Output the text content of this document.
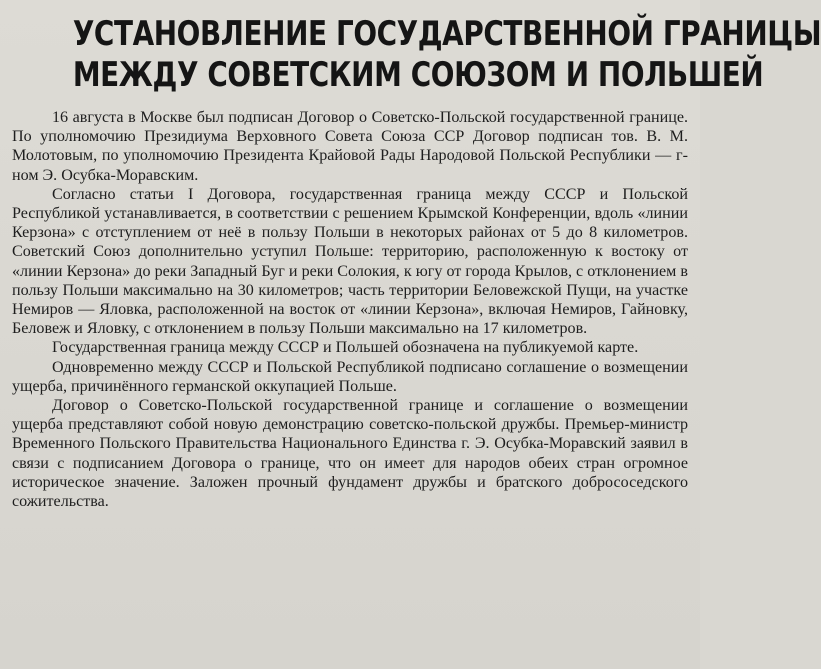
УСТАНОВЛЕНИЕ ГОСУДАРСТВЕННОЙ ГРАНИЦЫ
МЕЖДУ СОВЕТСКИМ СОЮЗОМ И ПОЛЬШЕЙ

16 августа в Москве был подписан Договор о Советско-Польской государственной границе. По уполномочию Президиума Верховного Совета Союза ССР Договор подписан тов. В. М. Молотовым, по уполномочию Президента Крайовой Рады Народовой Польской Республики — г-ном Э. Осубка-Моравским.

Согласно статьи I Договора, государственная граница между СССР и Польской Республикой устанавливается, в соответствии с решением Крымской Конференции, вдоль «линии Керзона» с отступлением от неё в пользу Польши в некоторых районах от 5 до 8 километров. Советский Союз дополнительно уступил Польше: территорию, расположенную к востоку от «линии Керзона» до реки Западный Буг и реки Солокия, к югу от города Крылов, с отклонением в пользу Польши максимально на 30 километров; часть территории Беловежской Пущи, на участке Немиров — Яловка, расположенной на восток от «линии Керзона», включая Немиров, Гайновку, Беловеж и Яловку, с отклонением в пользу Польши максимально на 17 километров.

Государственная граница между СССР и Польшей обозначена на публикуемой карте.

Одновременно между СССР и Польской Республикой подписано соглашение о возмещении ущерба, причинённого германской оккупацией Польше.

Договор о Советско-Польской государственной границе и соглашение о возмещении ущерба представляют собой новую демонстрацию советско-польской дружбы. Премьер-министр Временного Польского Правительства Национального Единства г. Э. Осубка-Моравский заявил в связи с подписанием Договора о границе, что он имеет для народов обеих стран огромное историческое значение. Заложен прочный фундамент дружбы и братского добрососедского сожительства.
